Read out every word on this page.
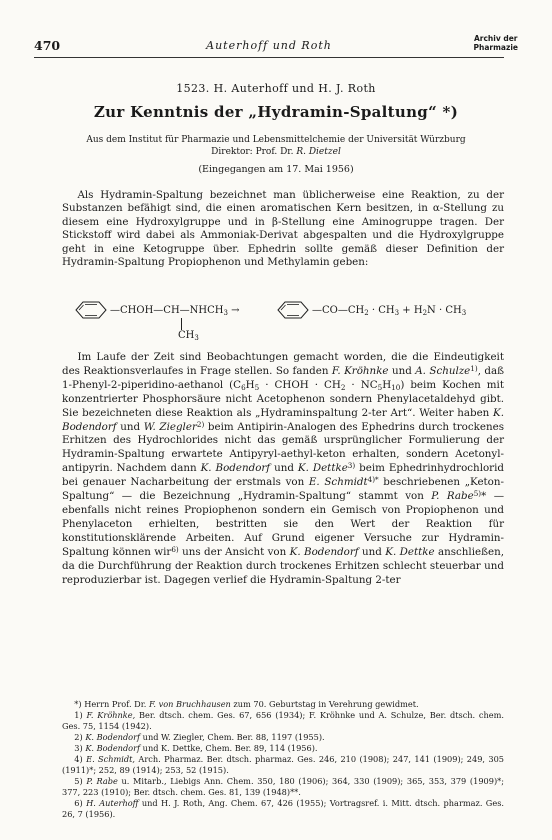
470	Auterhoff und Roth
Archiv der
Pharmazie
1523. H. Auterhoff und H. J. Roth
Zur Kenntnis der „Hydramin-Spaltung“ *)
Aus dem Institut für Pharmazie und Lebensmittelchemie der Universität Würzburg
Direktor: Prof. Dr. R. Dietzel
(Eingegangen am 17. Mai 1956)

Als Hydramin-Spaltung bezeichnet man üblicherweise eine Reaktion, zu der Substanzen befähigt sind, die einen aromatischen Kern besitzen, in α-Stellung zu diesem eine Hydroxylgruppe und in β-Stellung eine Aminogruppe tragen. Der Stickstoff wird dabei als Ammoniak-Derivat abgespalten und die Hydroxylgruppe geht in eine Ketogruppe über. Ephedrin sollte gemäß dieser Definition der Hydramin-Spaltung Propiophenon und Methylamin geben:

$—CHOH—CH—NHCH_3$ →	$—CO—CH_2 \cdot CH_3 + H_2N \cdot CH_3$
$CH_3$

Im Laufe der Zeit sind Beobachtungen gemacht worden, die die Eindeutigkeit des Reaktionsverlaufes in Frage stellen. So fanden F. Kröhnke und A. Schulze$^{1)}$, daß 1-Phenyl-2-piperidino-aethanol ($C_6H_5$ · CHOH · $CH_2 \cdot NC_5H_{10}$) beim Kochen mit konzentrierter Phosphorsäure nicht Acetophenon sondern Phenylacetaldehyd gibt. Sie bezeichneten diese Reaktion als „Hydraminspaltung 2-ter Art“. Weiter haben K. Bodendorf und W. Ziegler$^{2)}$ beim Antipirin-Analogen des Ephedrins durch trockenes Erhitzen des Hydrochlorides nicht das gemäß ursprünglicher Formulierung der Hydramin-Spaltung erwartete Antipyryl-aethyl-keton erhalten, sondern Acetonyl-antipyrin. Nachdem dann K. Bodendorf und K. Dettke$^{3)}$ beim Ephedrinhydrochlorid bei genauer Nacharbeitung der erstmals von E. Schmidt$^{4)*}$ beschriebenen „Keton-Spaltung“ — die Bezeichnung „Hydramin-Spaltung“ stammt von P. Rabe$^{5)}$* — ebenfalls nicht reines Propiophenon sondern ein Gemisch von Propiophenon und Phenylaceton erhielten, bestritten sie den Wert der Reaktion für konstitutionsklärende Arbeiten. Auf Grund eigener Versuche zur Hydramin-Spaltung können wir$^{6)}$ uns der Ansicht von K. Bodendorf und K. Dettke anschließen, da die Durchführung der Reaktion durch trockenes Erhitzen schlecht steuerbar und reproduzierbar ist. Dagegen verlief die Hydramin-Spaltung 2-ter

*) Herrn Prof. Dr. F. von Bruchhausen zum 70. Geburtstag in Verehrung gewidmet.

1) F. Kröhnke, Ber. dtsch. chem. Ges. 67, 656 (1934); F. Kröhnke und A. Schulze, Ber. dtsch. chem. Ges. 75, 1154 (1942).

2) K. Bodendorf und W. Ziegler, Chem. Ber. 88, 1197 (1955).

3) K. Bodendorf und K. Dettke, Chem. Ber. 89, 114 (1956).

4) E. Schmidt, Arch. Pharmaz. Ber. dtsch. pharmaz. Ges. 246, 210 (1908); 247, 141 (1909); 249, 305 (1911)*; 252, 89 (1914); 253, 52 (1915).

5) P. Rabe u. Mitarb., Liebigs Ann. Chem. 350, 180 (1906); 364, 330 (1909); 365, 353, 379 (1909)*; 377, 223 (1910); Ber. dtsch. chem. Ges. 81, 139 (1948)**.

6) H. Auterhoff und H. J. Roth, Ang. Chem. 67, 426 (1955); Vortragsref. i. Mitt. dtsch. pharmaz. Ges. 26, 7 (1956).
